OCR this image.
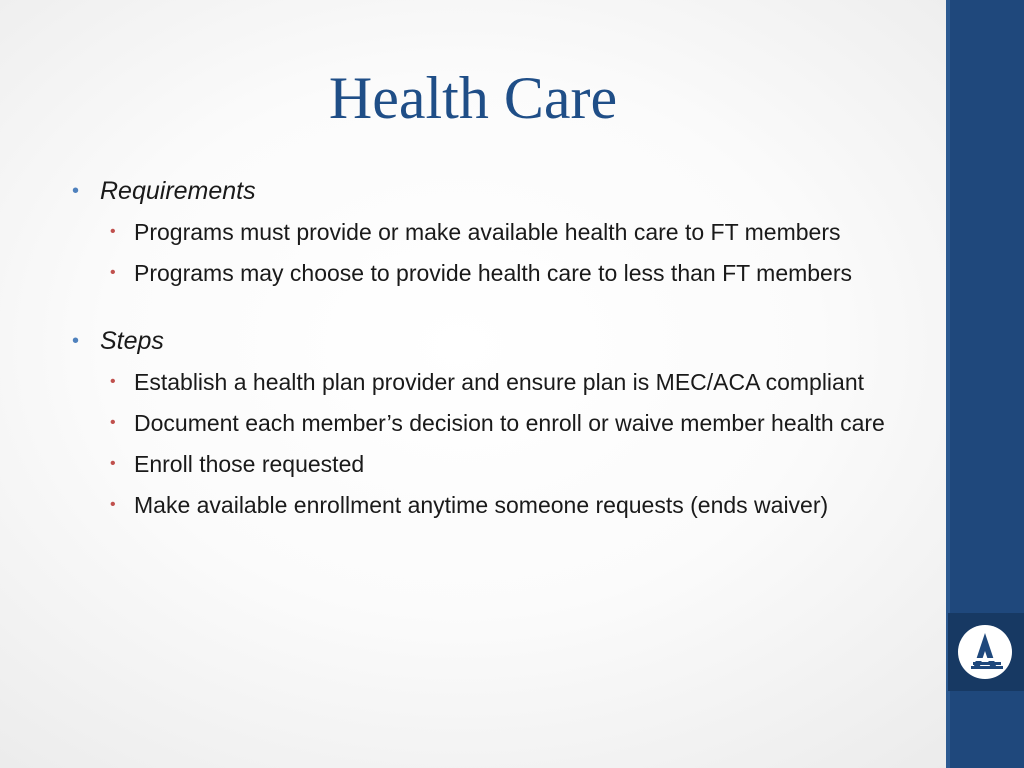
Health Care
• Requirements
• Programs must provide or make available health care to FT members
• Programs may choose to provide health care to less than FT members
• Steps
• Establish a health plan provider and ensure plan is MEC/ACA compliant
• Document each member’s decision to enroll or waive member health care
• Enroll those requested
• Make available enrollment anytime someone requests (ends waiver)
